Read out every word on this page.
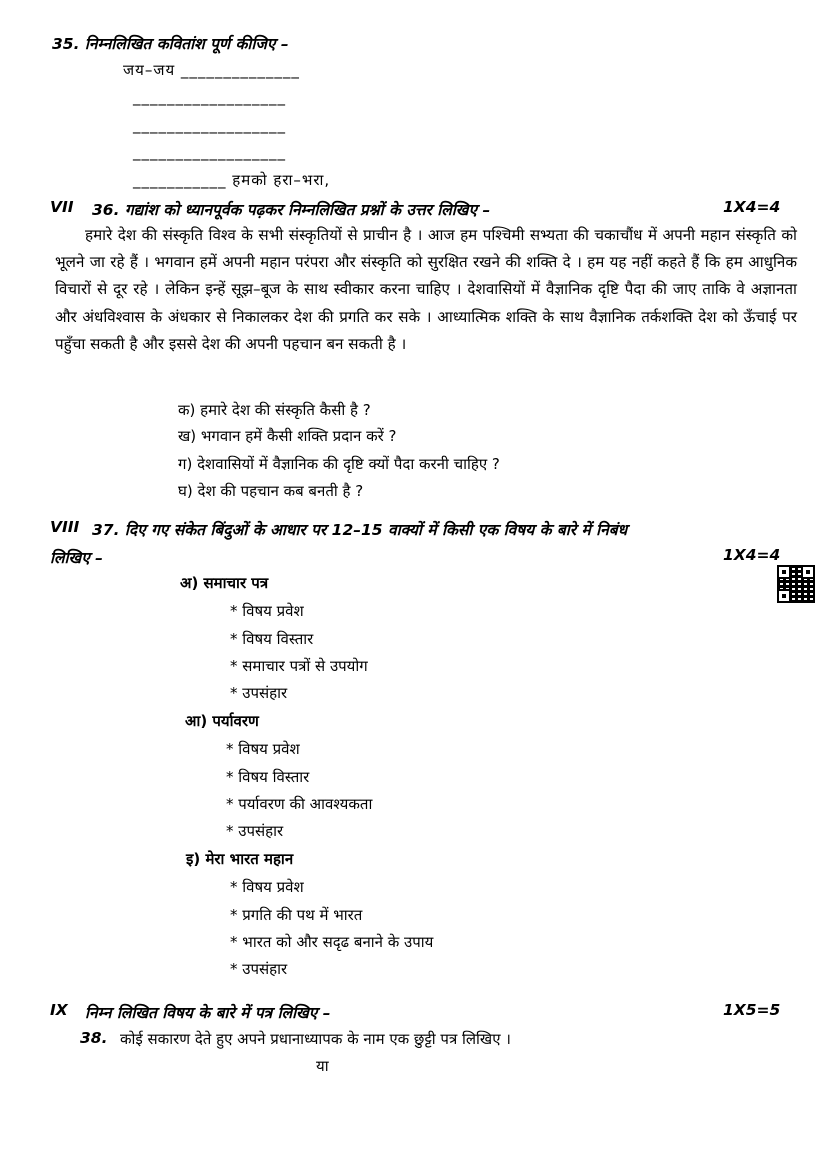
35. निम्नलिखित कवितांश पूर्ण कीजिए –
जय–जय ______________
__________________
__________________
__________________
___________ हमको हरा–भरा,
VII 36. गद्यांश को ध्यानपूर्वक पढ़कर निम्नलिखित प्रश्नों के उत्तर लिखिए –	1X4=4
हमारे देश की संस्कृति विश्व के सभी संस्कृतियों से प्राचीन है । आज हम पश्चिमी सभ्यता की चकाचौंध में अपनी महान संस्कृति को भूलने जा रहे हैं । भगवान हमें अपनी महान परंपरा और संस्कृति को सुरक्षित रखने की शक्ति दे । हम यह नहीं कहते हैं कि हम आधुनिक विचारों से दूर रहे । लेकिन इन्हें सूझ–बूज के साथ स्वीकार करना चाहिए । देशवासियों में वैज्ञानिक दृष्टि पैदा की जाए ताकि वे अज्ञानता और अंधविश्वास के अंधकार से निकालकर देश की प्रगति कर सके । आध्यात्मिक शक्ति के साथ वैज्ञानिक तर्कशक्ति देश को ऊँचाई पर पहुँचा सकती है और इससे देश की अपनी पहचान बन सकती है ।
क) हमारे देश की संस्कृति कैसी है ?
ख) भगवान हमें कैसी शक्ति प्रदान करें ?
ग) देशवासियों में वैज्ञानिक की दृष्टि क्यों पैदा करनी चाहिए ?
घ) देश की पहचान कब बनती है ?
VIII 37. दिए गए संकेत बिंदुओं के आधार पर 12–15 वाक्यों में किसी एक विषय के बारे में निबंध
लिखिए –	1X4=4
अ) समाचार पत्र
* विषय प्रवेश
* विषय विस्तार
* समाचार पत्रों से उपयोग
* उपसंहार
आ) पर्यावरण
* विषय प्रवेश
* विषय विस्तार
* पर्यावरण की आवश्यकता
* उपसंहार
इ) मेरा भारत महान
* विषय प्रवेश
* प्रगति की पथ में भारत
* भारत को और सदृढ बनाने के उपाय
* उपसंहार
IX निम्न लिखित विषय के बारे में पत्र लिखिए –	1X5=5
38. कोई सकारण देते हुए अपने प्रधानाध्यापक के नाम एक छुट्टी पत्र लिखिए ।
या
